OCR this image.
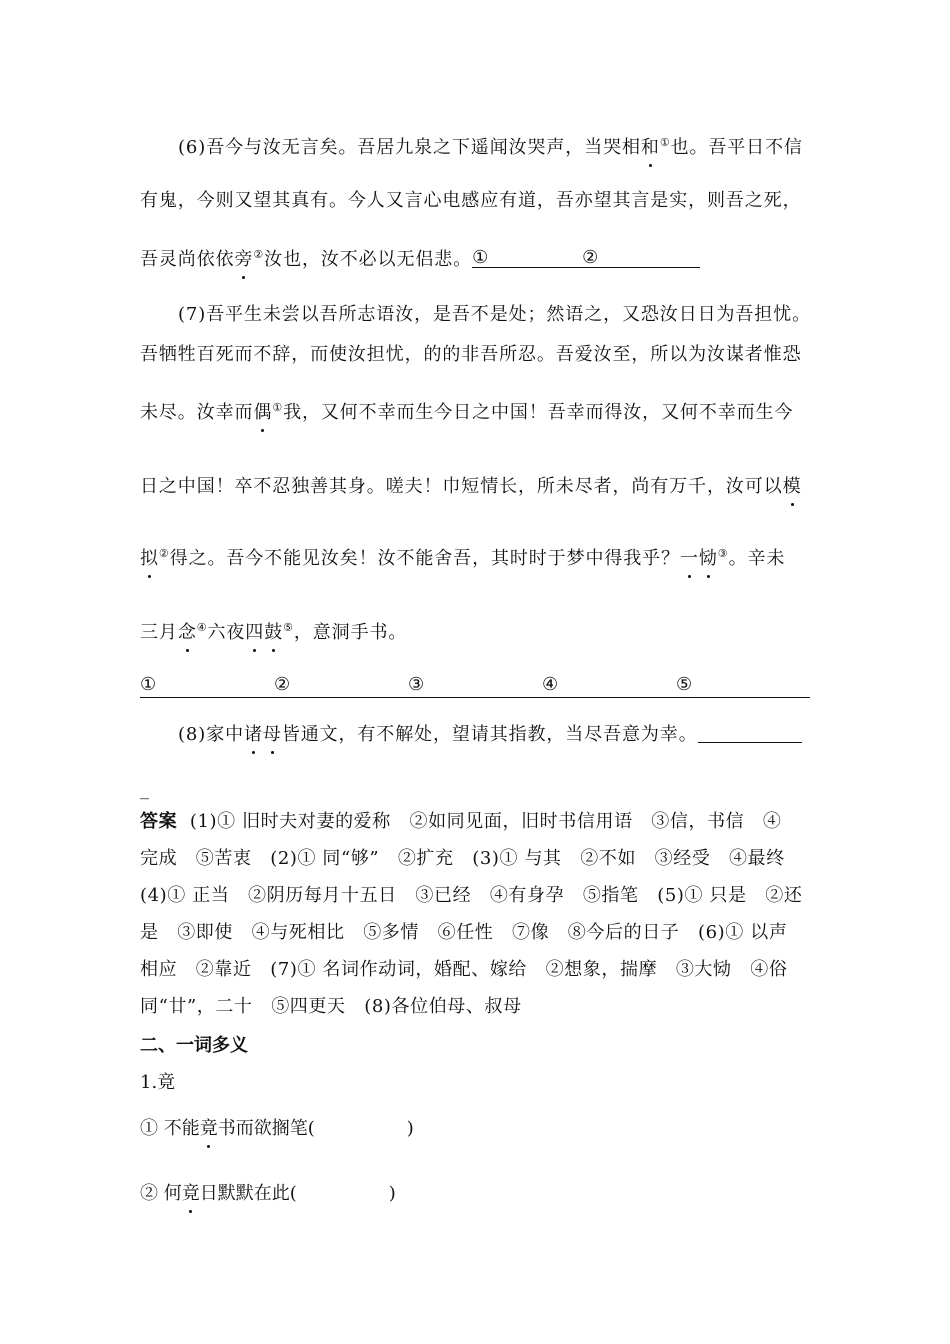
(6)吾今与汝无言矣。吾居九泉之下遥闻汝哭声，当哭相和①也。吾平日不信
有鬼，今则又望其真有。今人又言心电感应有道，吾亦望其言是实，则吾之死，
吾灵尚依依旁②汝也，汝不必以无侣悲。 ①	②
(7)吾平生未尝以吾所志语汝，是吾不是处；然语之，又恐汝日日为吾担忧。
吾牺牲百死而不辞，而使汝担忧，的的非吾所忍。吾爱汝至，所以为汝谋者惟恐
未尽。汝幸而偶①我，又何不幸而生今日之中国！吾幸而得汝，又何不幸而生今
日之中国！卒不忍独善其身。嗟夫！巾短情长，所未尽者，尚有万千，汝可以模
拟②得之。吾今不能见汝矣！汝不能舍吾，其时时于梦中得我乎？一恸③。辛未
三月念④六夜四鼓⑤，意洞手书。
①	②	③	④	⑤
(8)家中诸母皆通文，有不解处，望请其指教，当尽吾意为幸。
_
答案 (1)① 旧时夫对妻的爱称　②如同见面，旧时书信用语　③信，书信　④
完成　⑤苦衷　(2)① 同“够”　②扩充　(3)① 与其　②不如　③经受　④最终
(4)① 正当　②阴历每月十五日　③已经　④有身孕　⑤指笔　(5)① 只是　②还
是　③即使　④与死相比　⑤多情　⑥任性　⑦像　⑧今后的日子　(6)① 以声
相应　②靠近　(7)① 名词作动词，婚配、嫁给　②想象，揣摩　③大恸　④俗
同“廿”，二十　⑤四更天　(8)各位伯母、叔母
二、一词多义
1.竟
① 不能竟书而欲搁笔(	)
② 何竟日默默在此(	)
